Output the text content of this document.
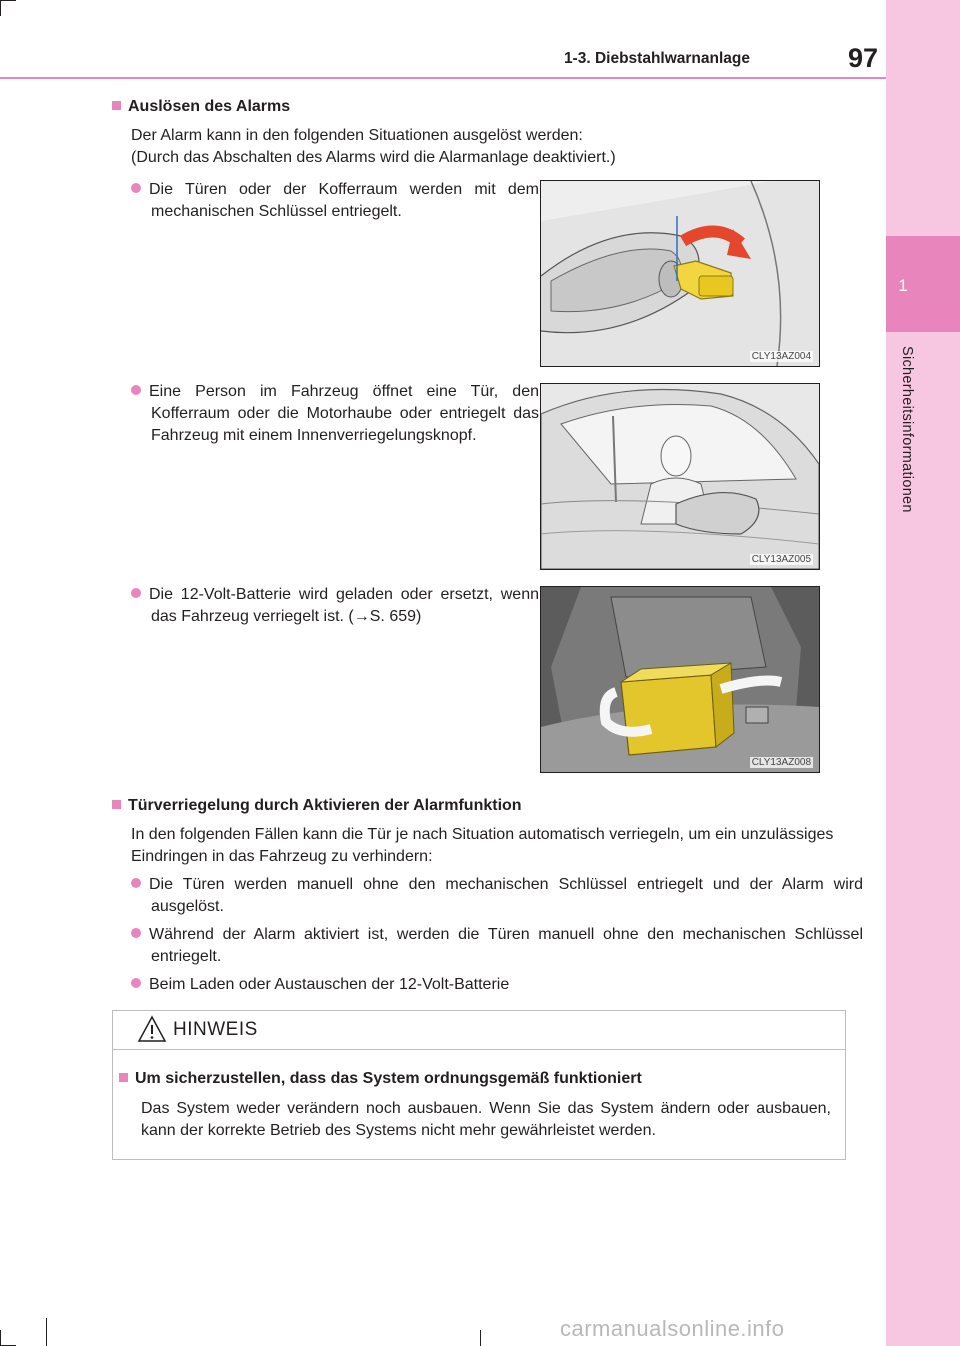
1
Sicherheitsinformationen
1-3. Diebstahlwarnanlage	97
Auslösen des Alarms
Der Alarm kann in den folgenden Situationen ausgelöst werden:
(Durch das Abschalten des Alarms wird die Alarmanlage deaktiviert.)
Die Türen oder der Kofferraum werden mit dem mechanischen Schlüssel entriegelt.
Eine Person im Fahrzeug öffnet eine Tür, den Kofferraum oder die Motorhaube oder entriegelt das Fahrzeug mit einem Innenverriegelungsknopf.
Die 12-Volt-Batterie wird geladen oder ersetzt, wenn das Fahrzeug verriegelt ist. (→S. 659)
CLY13AZ004
CLY13AZ005
CLY13AZ008
Türverriegelung durch Aktivieren der Alarmfunktion
In den folgenden Fällen kann die Tür je nach Situation automatisch verriegeln, um ein unzulässiges Eindringen in das Fahrzeug zu verhindern:
Die Türen werden manuell ohne den mechanischen Schlüssel entriegelt und der Alarm wird ausgelöst.
Während der Alarm aktiviert ist, werden die Türen manuell ohne den mechanischen Schlüssel entriegelt.
Beim Laden oder Austauschen der 12-Volt-Batterie
HINWEIS
Um sicherzustellen, dass das System ordnungsgemäß funktioniert
Das System weder verändern noch ausbauen. Wenn Sie das System ändern oder ausbauen, kann der korrekte Betrieb des Systems nicht mehr gewährleistet werden.
carmanualsonline.info
